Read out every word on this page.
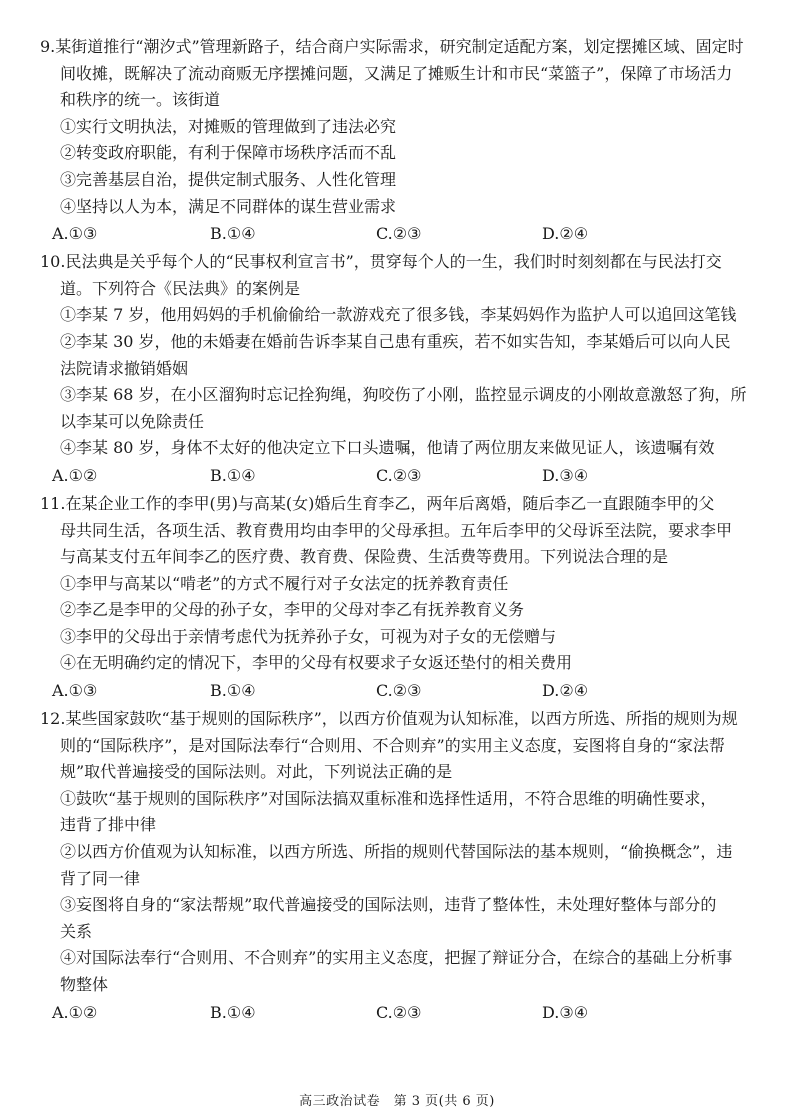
9.某街道推行“潮汐式”管理新路子，结合商户实际需求，研究制定适配方案，划定摆摊区域、固定时

间收摊，既解决了流动商贩无序摆摊问题，又满足了摊贩生计和市民“菜篮子”，保障了市场活力

和秩序的统一。该街道

①实行文明执法，对摊贩的管理做到了违法必究

②转变政府职能，有利于保障市场秩序活而不乱

③完善基层自治，提供定制式服务、人性化管理

④坚持以人为本，满足不同群体的谋生营业需求

A.①③	B.①④	C.②③	D.②④

10.民法典是关乎每个人的“民事权利宣言书”，贯穿每个人的一生，我们时时刻刻都在与民法打交

道。下列符合《民法典》的案例是

①李某 7 岁，他用妈妈的手机偷偷给一款游戏充了很多钱，李某妈妈作为监护人可以追回这笔钱

②李某 30 岁，他的未婚妻在婚前告诉李某自己患有重疾，若不如实告知，李某婚后可以向人民

法院请求撤销婚姻

③李某 68 岁，在小区溜狗时忘记拴狗绳，狗咬伤了小刚，监控显示调皮的小刚故意激怒了狗，所

以李某可以免除责任

④李某 80 岁，身体不太好的他决定立下口头遗嘱，他请了两位朋友来做见证人，该遗嘱有效

A.①②	B.①④	C.②③	D.③④

11.在某企业工作的李甲(男)与高某(女)婚后生育李乙，两年后离婚，随后李乙一直跟随李甲的父

母共同生活，各项生活、教育费用均由李甲的父母承担。五年后李甲的父母诉至法院，要求李甲

与高某支付五年间李乙的医疗费、教育费、保险费、生活费等费用。下列说法合理的是

①李甲与高某以“啃老”的方式不履行对子女法定的抚养教育责任

②李乙是李甲的父母的孙子女，李甲的父母对李乙有抚养教育义务

③李甲的父母出于亲情考虑代为抚养孙子女，可视为对子女的无偿赠与

④在无明确约定的情况下，李甲的父母有权要求子女返还垫付的相关费用

A.①③	B.①④	C.②③	D.②④

12.某些国家鼓吹“基于规则的国际秩序”，以西方价值观为认知标准，以西方所选、所指的规则为规

则的“国际秩序”，是对国际法奉行“合则用、不合则弃”的实用主义态度，妄图将自身的“家法帮

规”取代普遍接受的国际法则。对此，下列说法正确的是

①鼓吹“基于规则的国际秩序”对国际法搞双重标准和选择性适用，不符合思维的明确性要求，

违背了排中律

②以西方价值观为认知标准，以西方所选、所指的规则代替国际法的基本规则，“偷换概念”，违

背了同一律

③妄图将自身的“家法帮规”取代普遍接受的国际法则，违背了整体性，未处理好整体与部分的

关系

④对国际法奉行“合则用、不合则弃”的实用主义态度，把握了辩证分合，在综合的基础上分析事

物整体

A.①②	B.①④	C.②③	D.③④
高三政治试卷　第 3 页(共 6 页)
